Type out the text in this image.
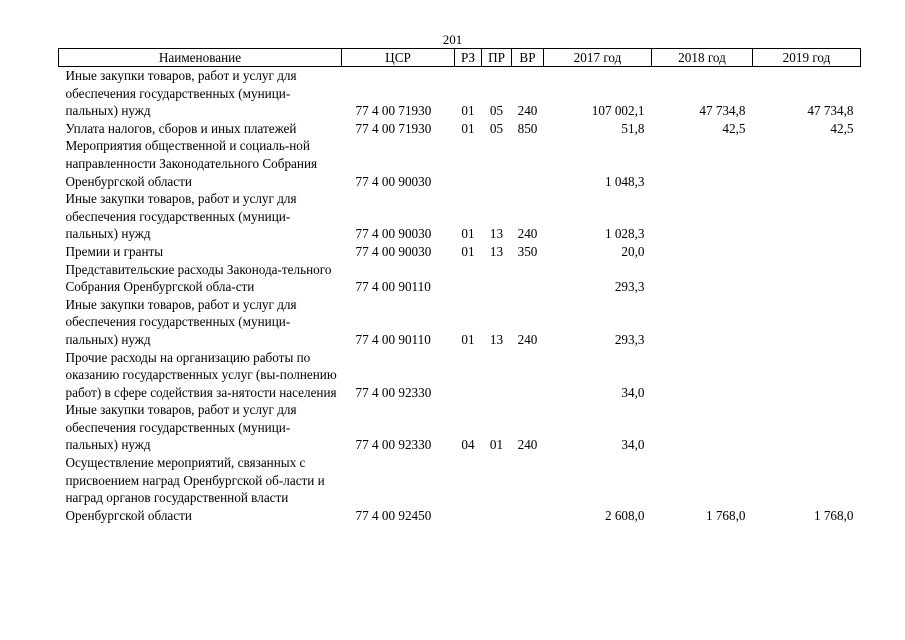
201
Наименование	ЦСР	РЗ	ПР	ВР	2017 год	2018 год	2019 год
Иные закупки товаров, работ и услуг для обеспечения государственных (муници-пальных) нужд	77 4 00 71930	01	05	240	107 002,1	47 734,8	47 734,8
Уплата налогов, сборов и иных платежей	77 4 00 71930	01	05	850	51,8	42,5	42,5
Мероприятия общественной и социаль-ной направленности Законодательного Собрания Оренбургской области	77 4 00 90030				1 048,3		
Иные закупки товаров, работ и услуг для обеспечения государственных (муници-пальных) нужд	77 4 00 90030	01	13	240	1 028,3		
Премии и гранты	77 4 00 90030	01	13	350	20,0		
Представительские расходы Законода-тельного Собрания Оренбургской обла-сти	77 4 00 90110				293,3		
Иные закупки товаров, работ и услуг для обеспечения государственных (муници-пальных) нужд	77 4 00 90110	01	13	240	293,3		
Прочие расходы на организацию работы по оказанию государственных услуг (вы-полнению работ) в сфере содействия за-нятости населения	77 4 00 92330				34,0		
Иные закупки товаров, работ и услуг для обеспечения государственных (муници-пальных) нужд	77 4 00 92330	04	01	240	34,0		
Осуществление мероприятий, связанных с присвоением наград Оренбургской об-ласти и наград органов государственной власти Оренбургской области	77 4 00 92450				2 608,0	1 768,0	1 768,0
